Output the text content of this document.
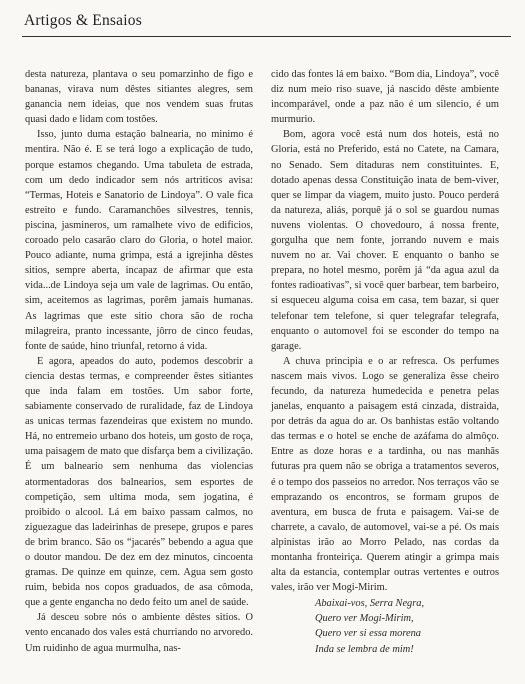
Artigos & Ensaios

desta natureza, plantava o seu pomarzinho de figo e bananas, virava num dêstes sitiantes alegres, sem ganancia nem ideias, que nos vendem suas frutas quasi dado e lidam com tostões.

Isso, junto duma estação balnearia, no minimo é mentira. Não é. E se terá logo a explicação de tudo, porque estamos chegando. Uma tabuleta de estrada, com um dedo indicador sem nós artriticos avisa: “Termas, Hoteis e Sanatorio de Lindoya”. O vale fica estreito e fundo. Caramanchões silvestres, tennis, piscina, jasmineros, um ramalhete vivo de edificios, coroado pelo casarão claro do Gloria, o hotel maior. Pouco adiante, numa grimpa, está a igrejinha dêstes sitios, sempre aberta, incapaz de afirmar que esta vida...de Lindoya seja um vale de lagrimas. Ou então, sim, aceitemos as lagrimas, porêm jamais humanas. As lagrimas que este sitio chora são de rocha milagreira, pranto incessante, jôrro de cinco feudas, fonte de saúde, hino triunfal, retorno á vida.

E agora, apeados do auto, podemos descobrir a ciencia destas termas, e compreender êstes sitiantes que inda falam em tostões. Um sabor forte, sabiamente conservado de ruralidade, faz de Lindoya as unicas termas fazendeiras que existem no mundo. Há, no entremeio urbano dos hoteis, um gosto de roça, uma paisagem de mato que disfarça bem a civilização. É um balneario sem nenhuma das violencias atormentadoras dos balnearios, sem esportes de competição, sem ultima moda, sem jogatina, é proibido o alcool. Lá em baixo passam calmos, no ziguezague das ladeirinhas de presepe, grupos e pares de brim branco. São os “jacarés” bebendo a agua que o doutor mandou. De dez em dez minutos, cincoenta gramas. De quinze em quinze, cem. Agua sem gosto ruim, bebida nos copos graduados, de asa cômoda, que a gente engancha no dedo feito um anel de saúde.

Já desceu sobre nós o ambiente dêstes sitios. O vento encanado dos vales está churriando no arvoredo. Um ruidinho de agua murmulha, nas-

cido das fontes lá em baixo. “Bom dia, Lindoya”, você diz num meio riso suave, já nascido dêste ambiente incomparável, onde a paz não é um silencio, é um murmurio.

Bom, agora você está num dos hoteis, está no Gloria, está no Preferido, está no Catete, na Camara, no Senado. Sem ditaduras nem constituintes. E, dotado apenas dessa Constituição inata de bem-viver, quer se limpar da viagem, muito justo. Pouco perderá da natureza, aliás, porquê já o sol se guardou numas nuvens violentas. O chovedouro, á nossa frente, gorgulha que nem fonte, jorrando nuvem e mais nuvem no ar. Vai chover. E enquanto o banho se prepara, no hotel mesmo, porêm já “da agua azul da fontes radioativas”, si você quer barbear, tem barbeiro, si esqueceu alguma coisa em casa, tem bazar, si quer telefonar tem telefone, si quer telegrafar telegrafa, enquanto o automovel foi se esconder do tempo na garage.

A chuva principia e o ar refresca. Os perfumes nascem mais vivos. Logo se generaliza êsse cheiro fecundo, da natureza humedecida e penetra pelas janelas, enquanto a paisagem está cinzada, distraida, por detrás da agua do ar. Os banhistas estão voltando das termas e o hotel se enche de azáfama do almôço. Entre as doze horas e a tardinha, ou nas manhãs futuras pra quem não se obriga a tratamentos severos, é o tempo dos passeios no arredor. Nos terraços vão se emprazando os encontros, se formam grupos de aventura, em busca de fruta e paisagem. Vai-se de charrete, a cavalo, de automovel, vai-se a pé. Os mais alpinistas irão ao Morro Pelado, nas cordas da montanha fronteiriça. Querem atingir a grimpa mais alta da estancia, contemplar outras vertentes e outros vales, irão ver Mogi-Mirim.

Abaixai-vos, Serra Negra,
Quero ver Mogi-Mirim,
Quero ver si essa morena
Inda se lembra de mim!
